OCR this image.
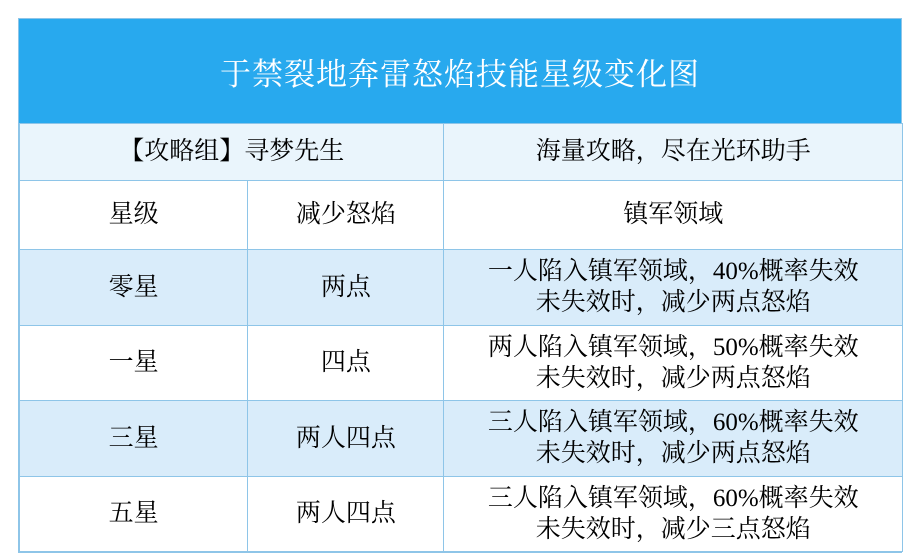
于禁裂地奔雷怒焰技能星级变化图
【攻略组】寻梦先生		海量攻略，尽在光环助手
星级	减少怒焰	镇军领域
零星	两点	一人陷入镇军领域，40%概率失效
未失效时，减少两点怒焰

一星	四点	两人陷入镇军领域，50%概率失效
未失效时，减少两点怒焰

三星	两人四点	三人陷入镇军领域，60%概率失效
未失效时，减少两点怒焰

五星	两人四点	三人陷入镇军领域，60%概率失效
未失效时，减少三点怒焰
